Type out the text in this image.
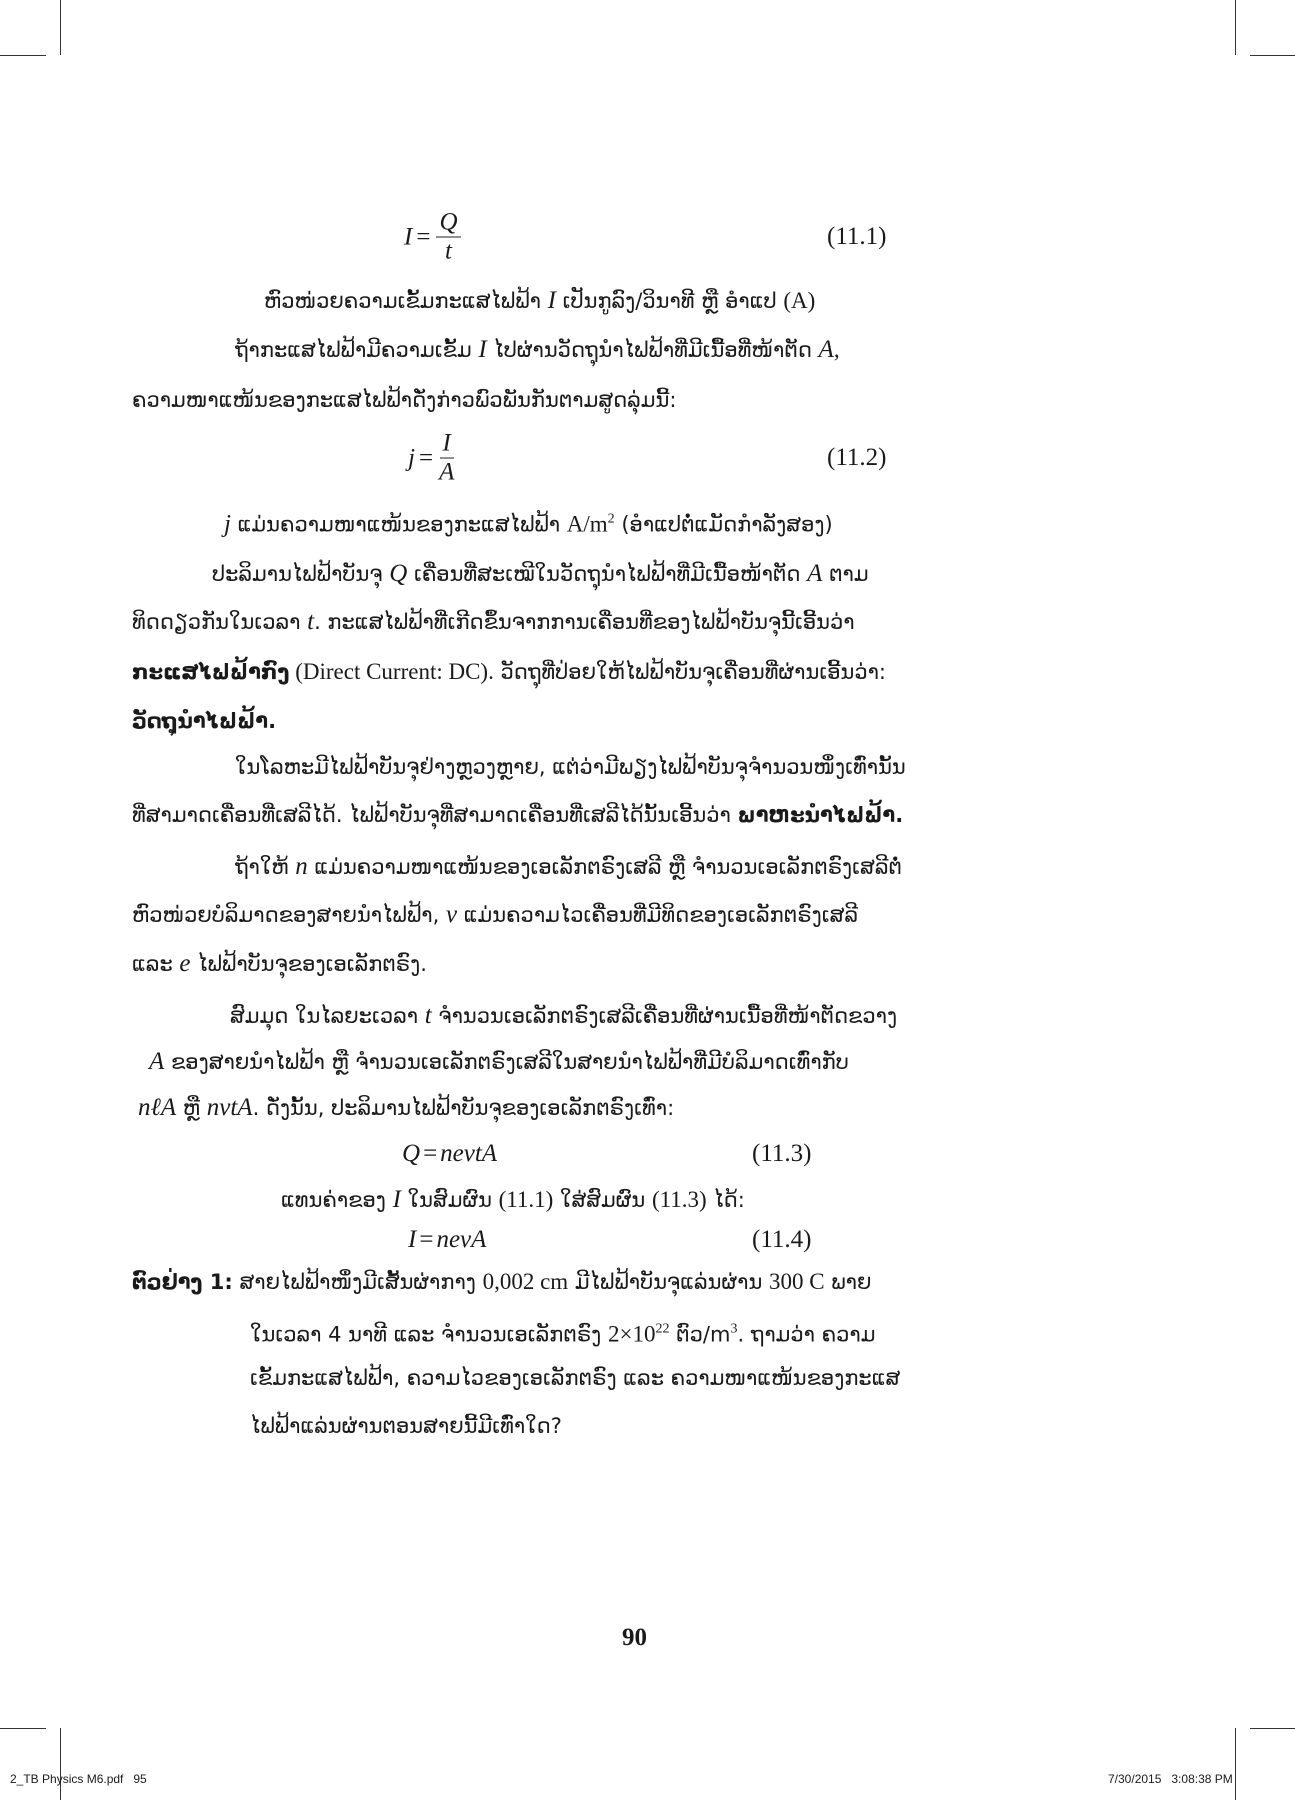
$I = \frac{Q}{t}$	(11.1)
$j = \frac{I}{A}$	(11.2)
Q = nevtA	(11.3)
I = nevA	(11.4)
ຫົວໜ່ວຍຄວາມເຂັ້ມກະແສໄຟຟ້າ I ເປັນກູລົງ/ວິນາທີ ຫຼື ອຳແປ (A)
ຖ້າກະແສໄຟຟ້າມີຄວາມເຂັ້ມ I ໄປຜ່ານວັດຖຸນຳໄຟຟ້າທີ່ມີເນື້ອທີ່ໜ້າຕັດ A,
ຄວາມໜາແໜ້ນຂອງກະແສໄຟຟ້າດັ່ງກ່າວພົວພັນກັນຕາມສູດລຸ່ມນີ້:
j ແມ່ນຄວາມໜາແໜ້ນຂອງກະແສໄຟຟ້າ $A/m^2$ (ອຳແປຕໍ່ແມັດກຳລັງສອງ)
ປະລິມານໄຟຟ້າບັນຈຸ Q ເຄື່ອນທີ່ສະເໝີໃນວັດຖຸນຳໄຟຟ້າທີ່ມີເນື້ອໜ້າຕັດ A ຕາມ
ທິດດຽວກັນໃນເວລາ t. ກະແສໄຟຟ້າທີ່ເກີດຂຶ້ນຈາກການເຄື່ອນທີ່ຂອງໄຟຟ້າບັນຈຸນີ້ເອີ້ນວ່າ
ກະແສໄຟຟ້າກົງ (Direct Current: DC). ວັດຖຸທີ່ປ່ອຍໃຫ້ໄຟຟ້າບັນຈຸເຄື່ອນທີ່ຜ່ານເອີ້ນວ່າ:
ວັດຖຸນຳໄຟຟ້າ.
ໃນໂລຫະມີໄຟຟ້າບັນຈຸຢ່າງຫຼວງຫຼາຍ, ແຕ່ວ່າມີພຽງໄຟຟ້າບັນຈຸຈຳນວນໜຶ່ງເທົ່ານັ້ນ
ທີ່ສາມາດເຄື່ອນທີ່ເສລີໄດ້. ໄຟຟ້າບັນຈຸທີ່ສາມາດເຄື່ອນທີ່ເສລີໄດ້ນັ້ນເອີ້ນວ່າ ພາຫະນຳໄຟຟ້າ.
ຖ້າໃຫ້ n ແມ່ນຄວາມໜາແໜ້ນຂອງເອເລັກຕຣົງເສລີ ຫຼື ຈຳນວນເອເລັກຕຣົງເສລີຕໍ່
ຫົວໜ່ວຍບໍລິມາດຂອງສາຍນຳໄຟຟ້າ, v ແມ່ນຄວາມໄວເຄື່ອນທີ່ມີທິດຂອງເອເລັກຕຣົງເສລີ
ແລະ e ໄຟຟ້າບັນຈຸຂອງເອເລັກຕຣົງ.
ສົມມຸດ ໃນໄລຍະເວລາ t ຈຳນວນເອເລັກຕຣົງເສລີເຄື່ອນທີ່ຜ່ານເນື້ອທີ່ໜ້າຕັດຂວາງ
A ຂອງສາຍນຳໄຟຟ້າ ຫຼື ຈຳນວນເອເລັກຕຣົງເສລີໃນສາຍນຳໄຟຟ້າທີ່ມີບໍລິມາດເທົ່າກັບ
nℓA ຫຼື nvtA. ດັ່ງນັ້ນ, ປະລິມານໄຟຟ້າບັນຈຸຂອງເອເລັກຕຣົງເທົ່າ:
ແທນຄ່າຂອງ I ໃນສົມຜົນ (11.1) ໃສ່ສົມຜົນ (11.3) ໄດ້:
ຕົວຢ່າງ 1: ສາຍໄຟຟ້າໜຶ່ງມີເສັ້ນຜ່າກາງ 0,002 cm ມີໄຟຟ້າບັນຈຸແລ່ນຜ່ານ 300 C ພາຍ
ໃນເວລາ 4 ນາທີ ແລະ ຈຳນວນເອເລັກຕຣົງ $2\times 10^{22}$ ຕົວ$/m^3$. ຖາມວ່າ ຄວາມ
ເຂັ້ມກະແສໄຟຟ້າ, ຄວາມໄວຂອງເອເລັກຕຣົງ ແລະ ຄວາມໜາແໜ້ນຂອງກະແສ
ໄຟຟ້າແລ່ນຜ່ານຕອນສາຍນີ້ມີເທົ່າໃດ?
90
2_TB Physics M6.pdf   95	7/30/2015   3:08:38 PM
